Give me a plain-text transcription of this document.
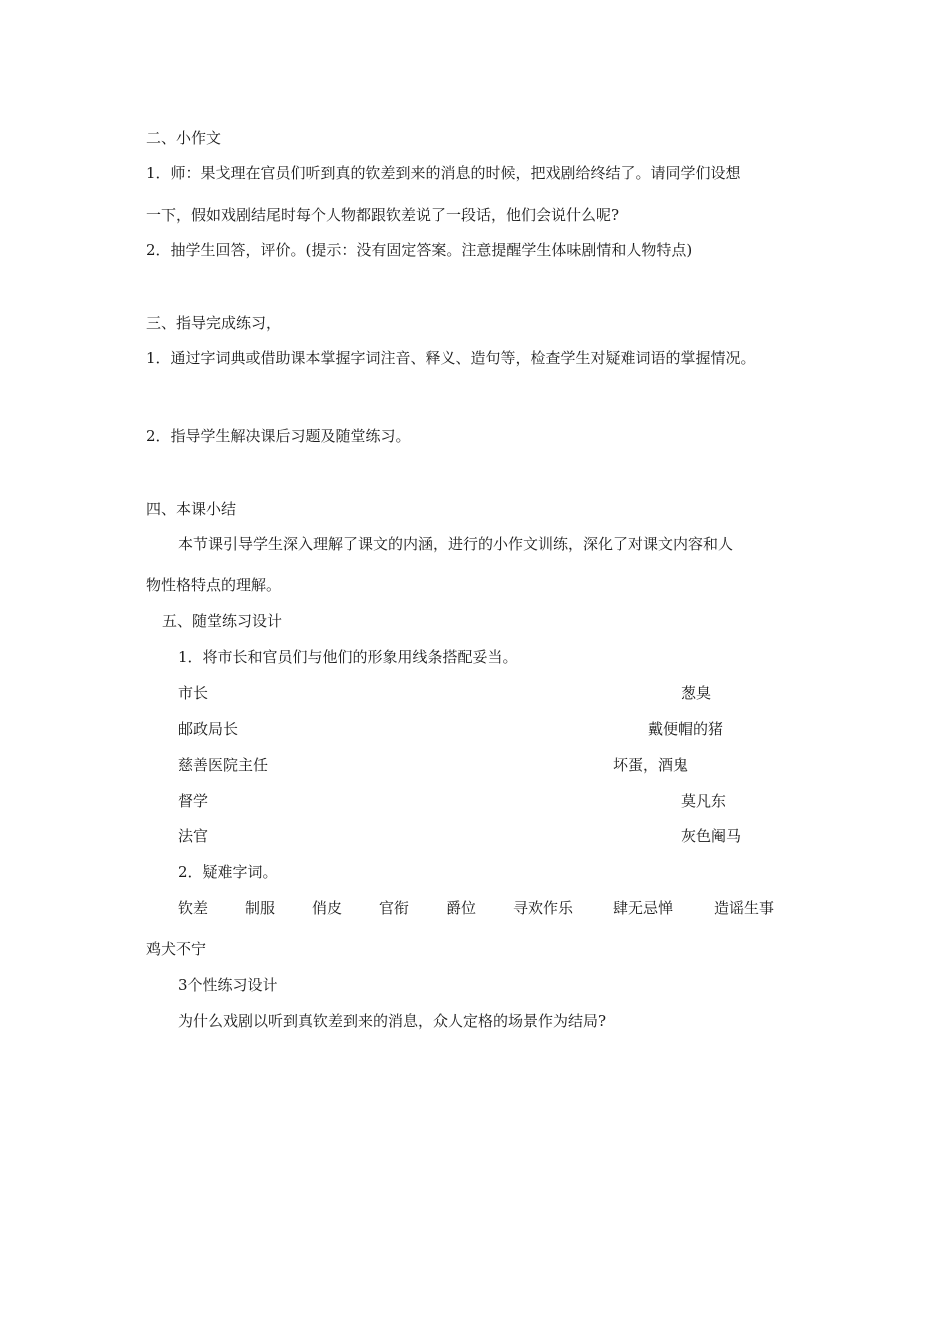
二、小作文
1．师：果戈理在官员们听到真的钦差到来的消息的时候，把戏剧给终结了。请同学们设想
一下，假如戏剧结尾时每个人物都跟钦差说了一段话，他们会说什么呢?
2．抽学生回答，评价。(提示：没有固定答案。注意提醒学生体味剧情和人物特点)
三、指导完成练习，
1．通过字词典或借助课本掌握字词注音、释义、造句等，检查学生对疑难词语的掌握情况。
2．指导学生解决课后习题及随堂练习。
四、本课小结
本节课引导学生深入理解了课文的内涵，进行的小作文训练，深化了对课文内容和人
物性格特点的理解。
五、随堂练习设计
1．将市长和官员们与他们的形象用线条搭配妥当。
市长	葱臭
邮政局长	戴便帽的猪
慈善医院主任	坏蛋，酒鬼
督学	莫凡东
法官	灰色阉马
2．疑难字词。
钦差 制服 俏皮 官衔 爵位 寻欢作乐	肆无忌惮	造谣生事
鸡犬不宁
3个性练习设计
为什么戏剧以听到真钦差到来的消息，众人定格的场景作为结局?
